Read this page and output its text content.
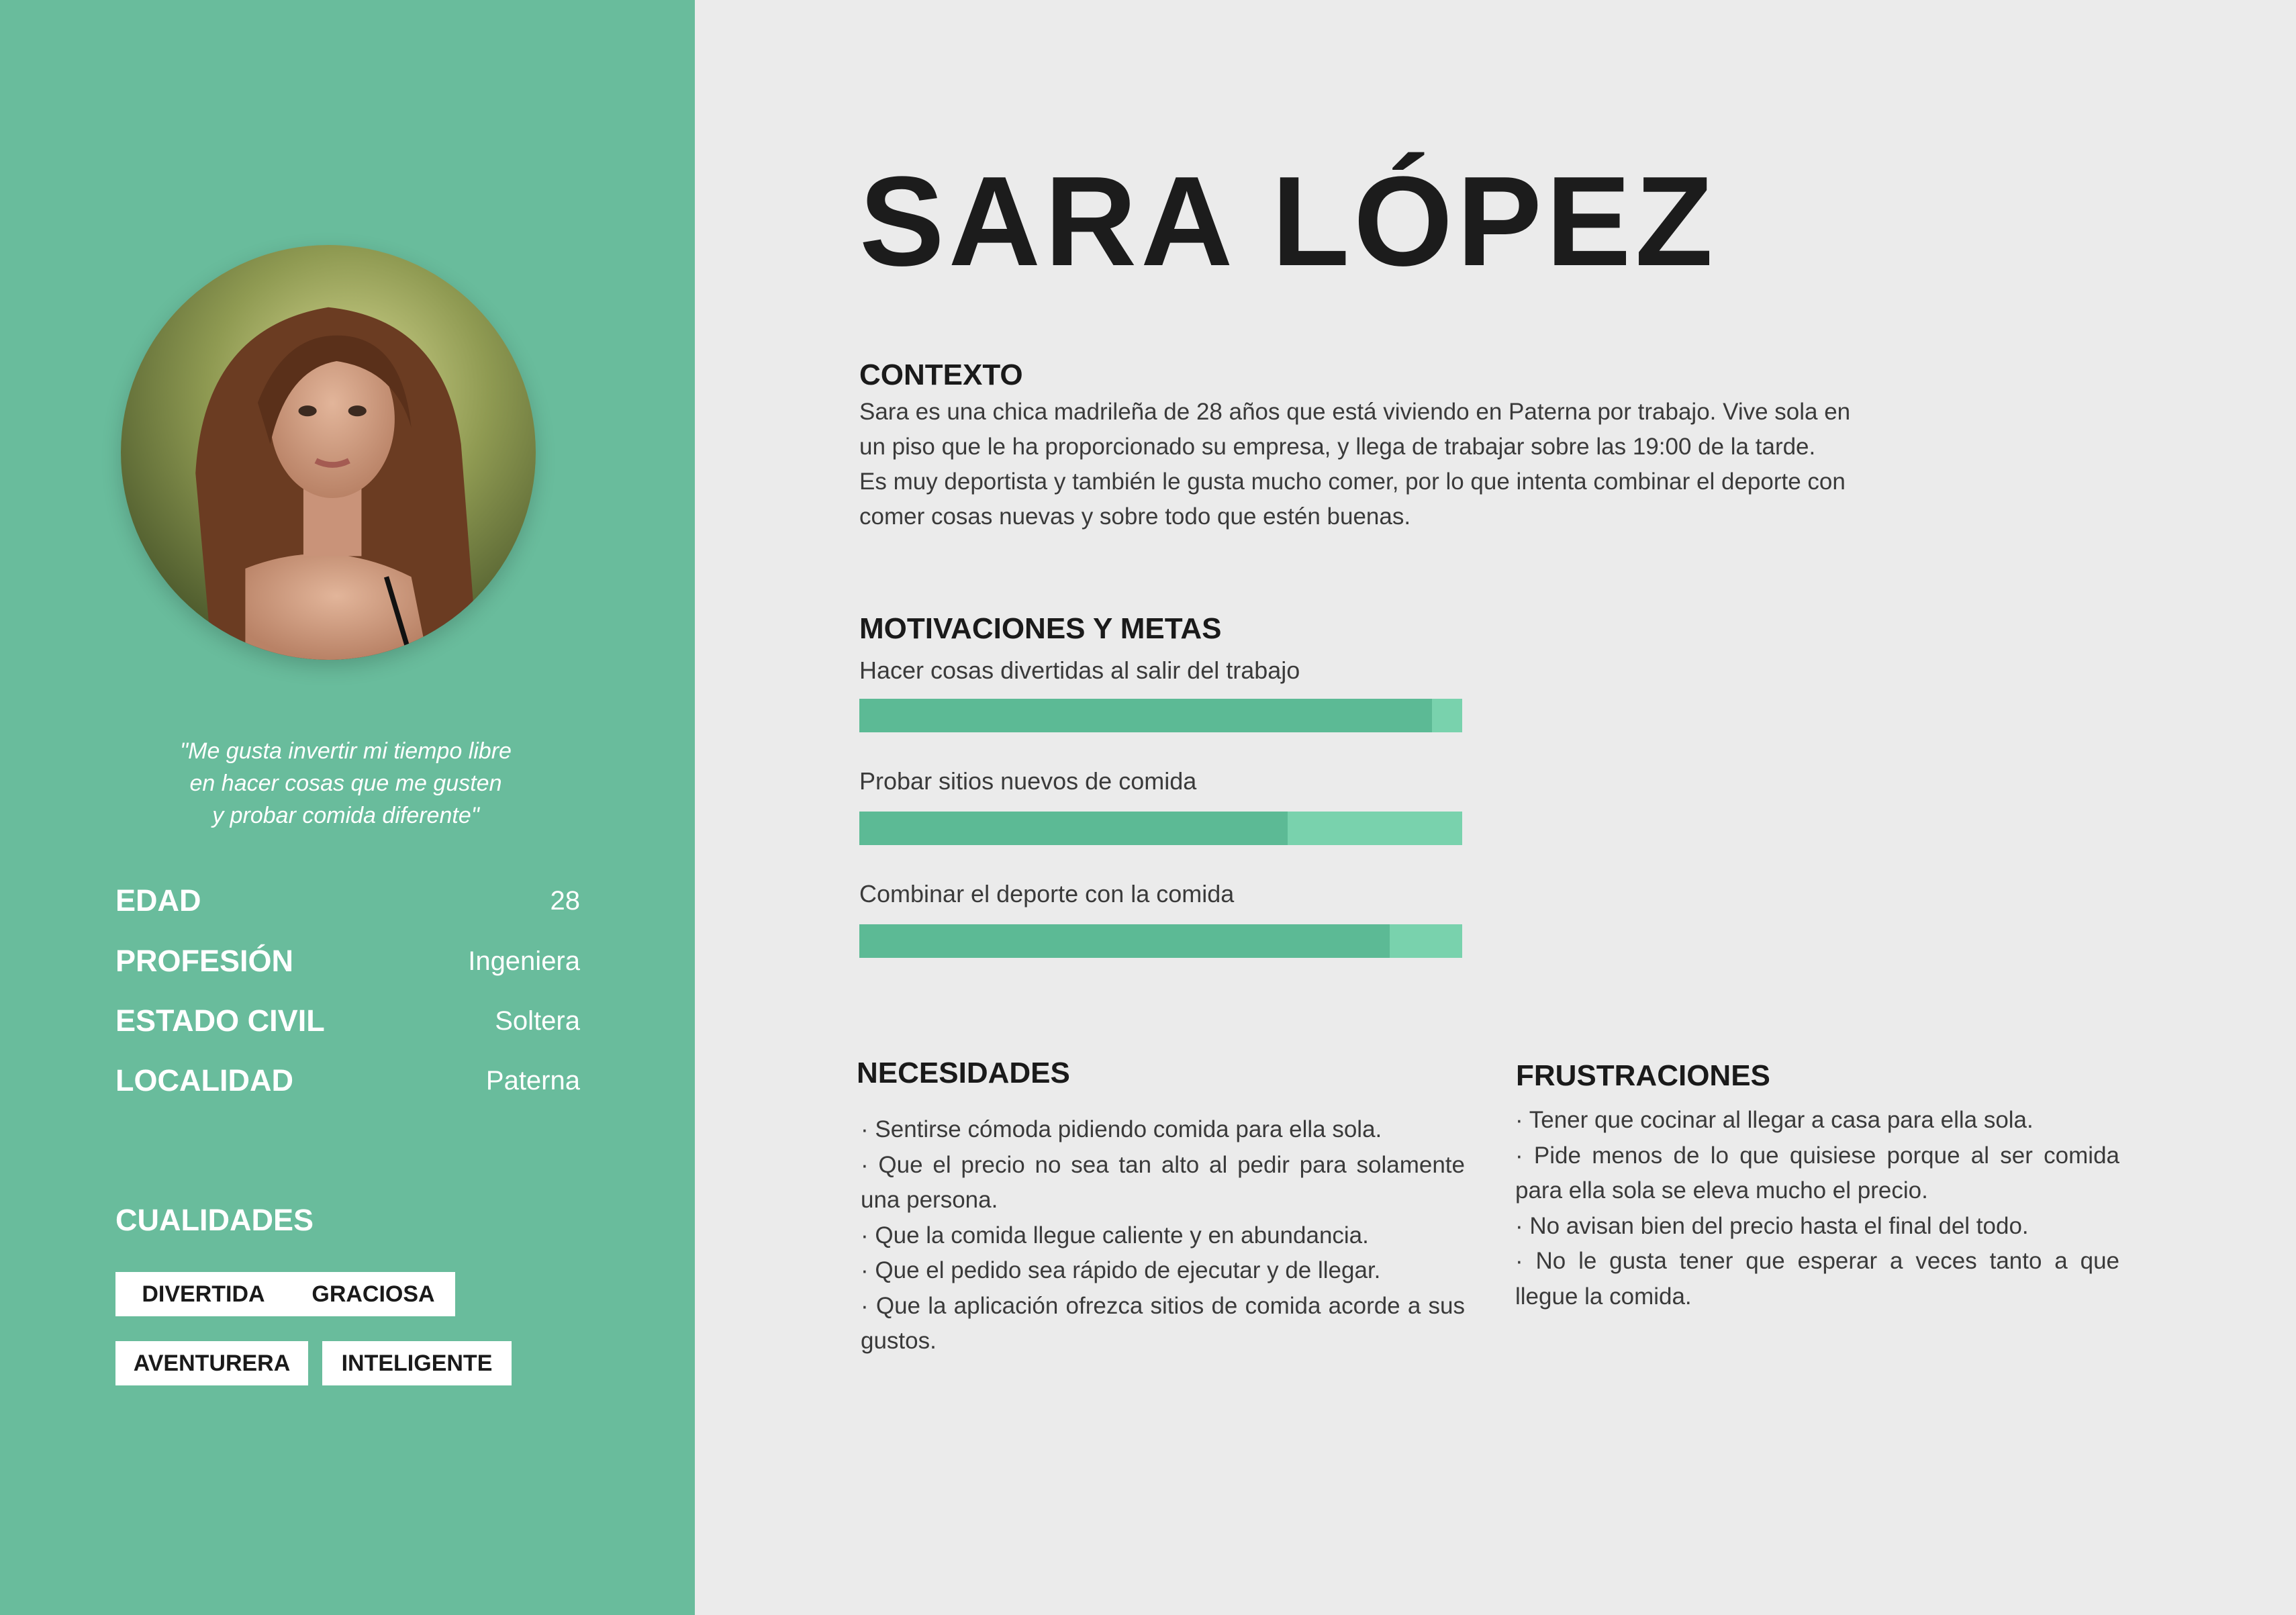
"Me gusta invertir mi tiempo libre
en hacer cosas que me gusten
y probar comida diferente"
EDAD	28
PROFESIÓN	Ingeniera
ESTADO CIVIL	Soltera
LOCALIDAD	Paterna
CUALIDADES
DIVERTIDA	GRACIOSA
AVENTURERA	INTELIGENTE
SARA LÓPEZ
CONTEXTO
Sara es una chica madrileña de 28 años que está viviendo en Paterna por trabajo. Vive sola en
un piso que le ha proporcionado su empresa, y llega de trabajar sobre las 19:00 de la tarde.
Es muy deportista y también le gusta mucho comer, por lo que intenta combinar el deporte con
comer cosas nuevas y sobre todo que estén buenas.
MOTIVACIONES Y METAS
Hacer cosas divertidas al salir del trabajo
Probar sitios nuevos de comida
Combinar el deporte con la comida
NECESIDADES

· Sentirse cómoda pidiendo comida para ella sola.

· Que el precio no sea tan alto al pedir para solamente una persona.

· Que la comida llegue caliente y en abundancia.

· Que el pedido sea rápido de ejecutar y de llegar.

· Que la aplicación ofrezca sitios de comida acorde a sus gustos.

FRUSTRACIONES

· Tener que cocinar al llegar a casa para ella sola.

· Pide menos de lo que quisiese porque al ser comida para ella sola se eleva mucho el precio.

· No avisan bien del precio hasta el final del todo.

· No le gusta tener que esperar a veces tanto a que llegue la comida.
